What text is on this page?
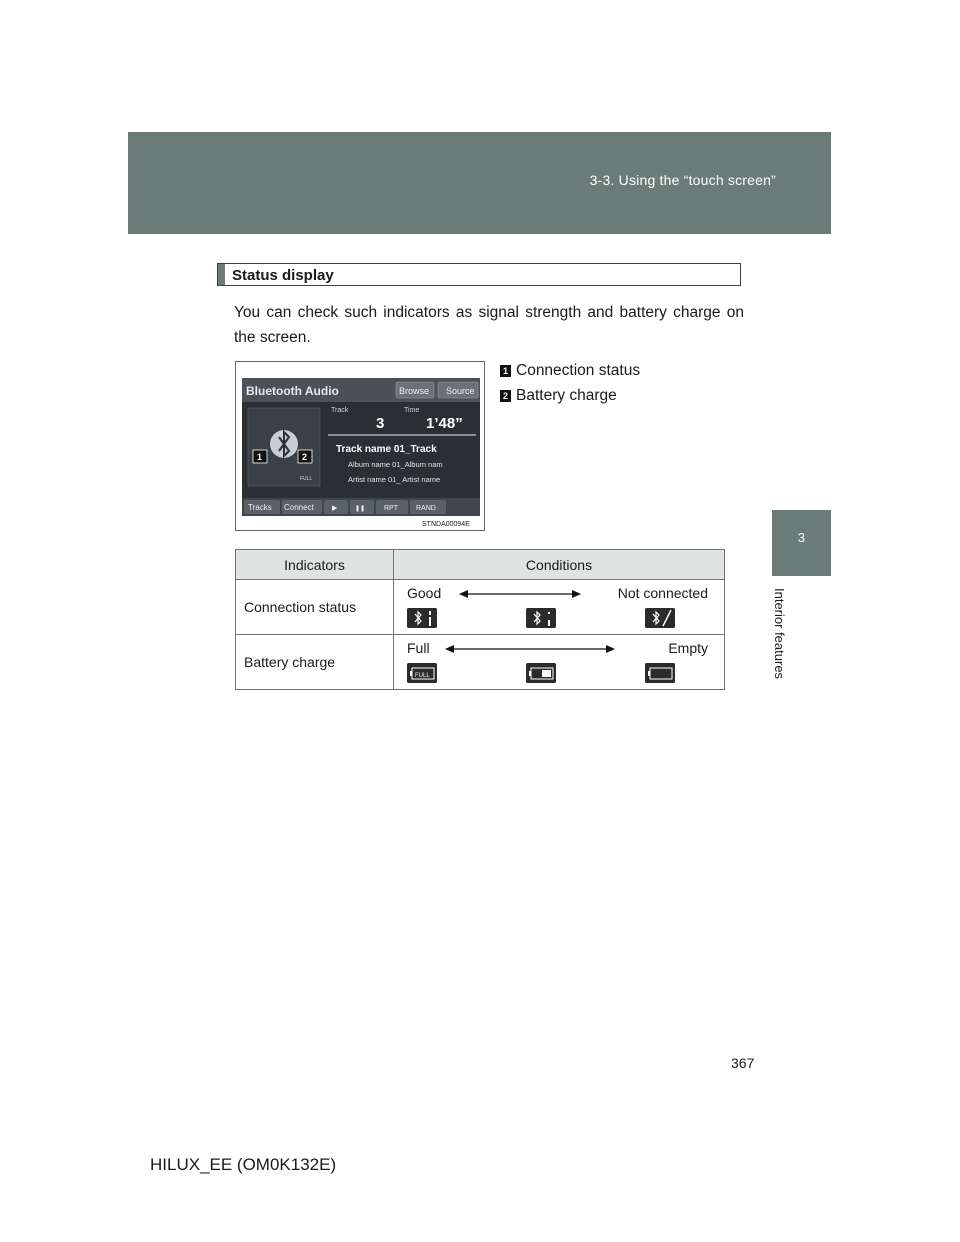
3-3. Using the “touch screen”
3
Interior features
Status display
You can check such indicators as signal strength and battery charge on the screen.
Bluetooth Audio	Browse Source
Track	Time
3	1’48”
Track name 01_Track
Album name 01_Album nam
Artist name 01_ Artist name
1	2
FULL
Tracks Connect	▶	❚❚	RPT	RAND
STNDA00094E
1 Connection status
2 Battery charge
Indicators	Conditions
Connection status	Good Not connected

Battery charge	Full Empty
FULL
367
HILUX_EE (OM0K132E)
